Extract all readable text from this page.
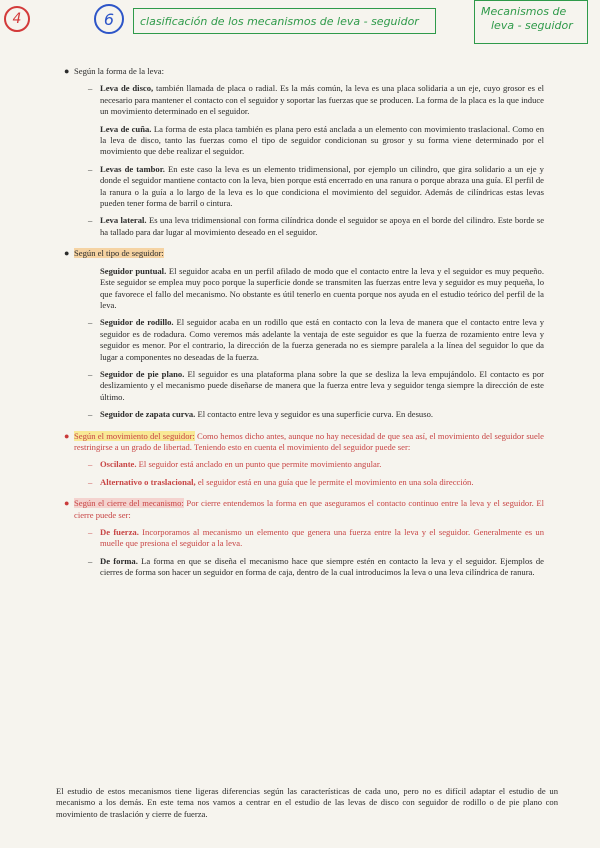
4	6 clasificación de los mecanismos de leva - seguidor
Mecanismos de
leva - seguidor
● Según la forma de la leva:
– Leva de disco, también llamada de placa o radial. Es la más común, la leva es una placa solidaria a un eje, cuyo grosor es el necesario para mantener el contacto con el seguidor y soportar las fuerzas que se producen. La forma de la placa es la que induce un movimiento determinado en el seguidor.
Leva de cuña. La forma de esta placa también es plana pero está anclada a un elemento con movimiento traslacional. Como en la leva de disco, tanto las fuerzas como el tipo de seguidor condicionan su grosor y su forma viene determinado por el movimiento que debe realizar el seguidor.
– Levas de tambor. En este caso la leva es un elemento tridimensional, por ejemplo un cilindro, que gira solidario a un eje y donde el seguidor mantiene contacto con la leva, bien porque está encerrado en una ranura o porque abraza una guía. El perfil de la ranura o la guía a lo largo de la leva es lo que condiciona el movimiento del seguidor. Además de cilíndricas estas levas pueden tener forma de barril o cintura.
– Leva lateral. Es una leva tridimensional con forma cilíndrica donde el seguidor se apoya en el borde del cilindro. Este borde se ha tallado para dar lugar al movimiento deseado en el seguidor.
● Según el tipo de seguidor:
Seguidor puntual. El seguidor acaba en un perfil afilado de modo que el contacto entre la leva y el seguidor es muy pequeño. Este seguidor se emplea muy poco porque la superficie donde se transmiten las fuerzas entre leva y seguidor es muy pequeña, lo que favorece el fallo del mecanismo. No obstante es útil tenerlo en cuenta porque nos ayuda en el estudio teórico del perfil de la leva.
– Seguidor de rodillo. El seguidor acaba en un rodillo que está en contacto con la leva de manera que el contacto entre leva y seguidor es de rodadura. Como veremos más adelante la ventaja de este seguidor es que la fuerza de rozamiento entre leva y seguidor es menor. Por el contrario, la dirección de la fuerza generada no es siempre paralela a la línea del seguidor lo que da lugar a componentes no deseadas de la fuerza.
– Seguidor de pie plano. El seguidor es una plataforma plana sobre la que se desliza la leva empujándolo. El contacto es por deslizamiento y el mecanismo puede diseñarse de manera que la fuerza entre leva y seguidor tenga siempre la dirección de este último.
– Seguidor de zapata curva. El contacto entre leva y seguidor es una superficie curva. En desuso.
● Según el movimiento del seguidor: Como hemos dicho antes, aunque no hay necesidad de que sea así, el movimiento del seguidor suele restringirse a un grado de libertad. Teniendo esto en cuenta el movimiento del seguidor puede ser:
– Oscilante. El seguidor está anclado en un punto que permite movimiento angular.
– Alternativo o traslacional, el seguidor está en una guía que le permite el movimiento en una sola dirección.
● Según el cierre del mecanismo: Por cierre entendemos la forma en que aseguramos el contacto continuo entre la leva y el seguidor. El cierre puede ser:
– De fuerza. Incorporamos al mecanismo un elemento que genera una fuerza entre la leva y el seguidor. Generalmente es un muelle que presiona el seguidor a la leva.
– De forma. La forma en que se diseña el mecanismo hace que siempre estén en contacto la leva y el seguidor. Ejemplos de cierres de forma son hacer un seguidor en forma de caja, dentro de la cual introducimos la leva o una leva cilíndrica de ranura.
El estudio de estos mecanismos tiene ligeras diferencias según las características de cada uno, pero no es difícil adaptar el estudio de un mecanismo a los demás. En este tema nos vamos a centrar en el estudio de las levas de disco con seguidor de rodillo o de pie plano con movimiento de traslación y cierre de fuerza.
